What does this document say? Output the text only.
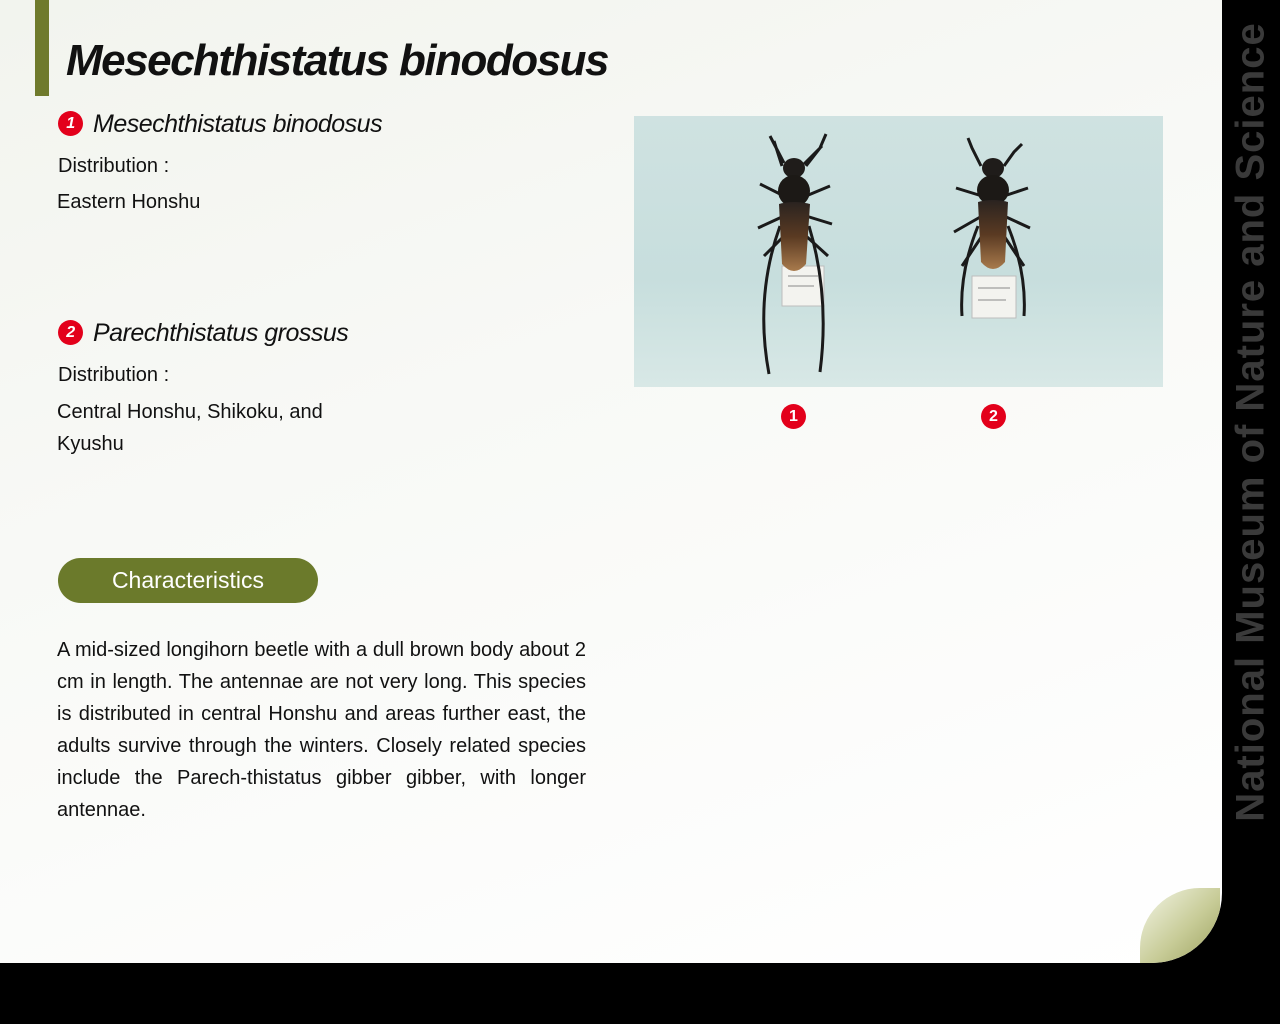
Mesechthistatus binodosus
1 Mesechthistatus binodosus
Distribution :
Eastern Honshu
2 Parechthistatus grossus
Distribution :
Central Honshu, Shikoku, and
Kyushu
Characteristics

A mid-sized longihorn beetle with a dull brown body about 2 cm in length. The antennae are not very long. This species is distributed in central Honshu and areas further east, the adults survive through the winters. Closely related species include the Parech-thistatus gibber gibber, with longer antennae.

1	2	National Museum of Nature and Science
